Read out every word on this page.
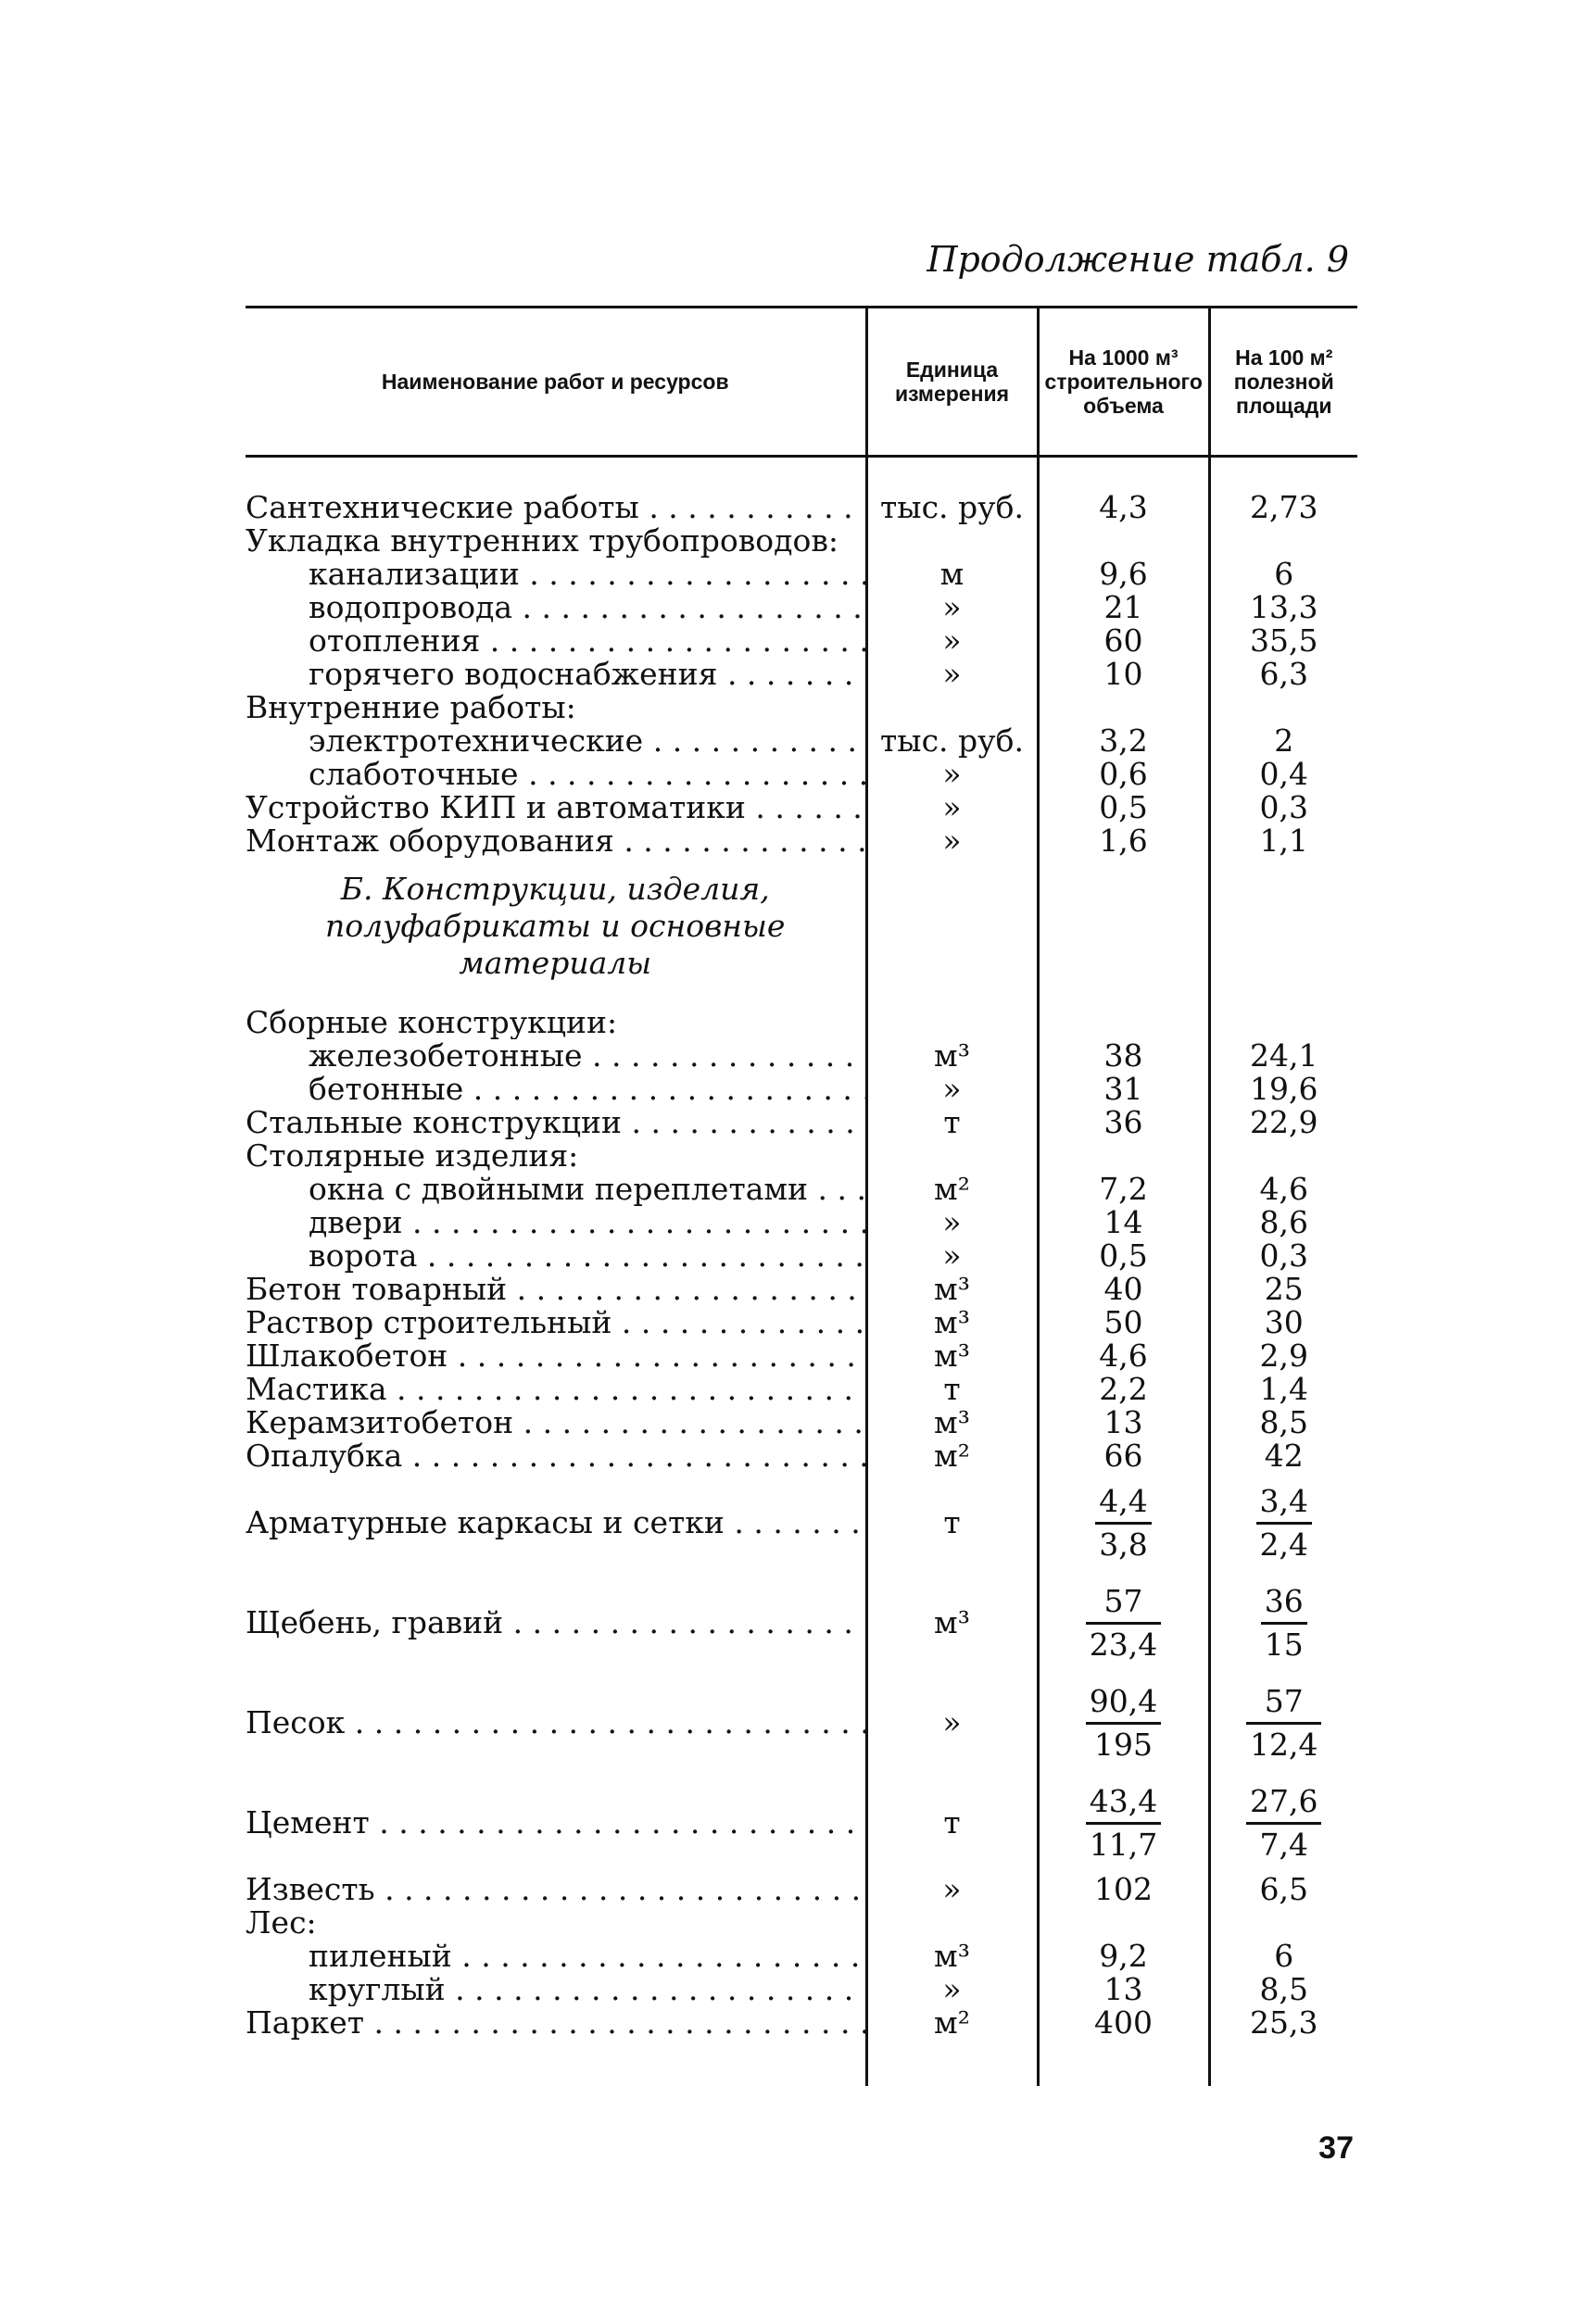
Продолжение табл. 9
Наименование работ и ресурсов	Единица измерения	На 1000 м³ строительного объема	На 100 м² полезной площади

Сантехнические работы . . .	тыс. руб.	4,3	2,73
Укладка внутренних трубопроводов:			
канализации . . .	м	9,6	6
водопровода . . .	»	21	13,3
отопления . . .	»	60	35,5
горячего водоснабжения . . .	»	10	6,3
Внутренние работы:			
электротехнические . . .	тыс. руб.	3,2	2
слаботочные . . .	»	0,6	0,4
Устройство КИП и автоматики . . .	»	0,5	0,3
Монтаж оборудования . . .	»	1,6	1,1
Б. Конструкции, изделия, полуфабрикаты и основные материалы			
Сборные конструкции:			
железобетонные . . .	м³	38	24,1
бетонные . . .	»	31	19,6
Стальные конструкции . . .	т	36	22,9
Столярные изделия:			
окна с двойными переплетами . . .	м²	7,2	4,6
двери . . .	»	14	8,6
ворота . . .	»	0,5	0,3
Бетон товарный . . .	м³	40	25
Раствор строительный . . .	м³	50	30
Шлакобетон . . .	м³	4,6	2,9
Мастика . . .	т	2,2	1,4
Керамзитобетон . . .	м³	13	8,5
Опалубка . . .	м²	66	42
Арматурные каркасы и сетки . . .	т	$\frac{4,4}{3,8}$	$\frac{3,4}{2,4}$

Щебень, гравий . . .	м³	$\frac{57}{23,4}$	$\frac{36}{15}$

Песок . . .	»	$\frac{90,4}{195}$	$\frac{57}{12,4}$

Цемент . . .	т	$\frac{43,4}{11,7}$	$\frac{27,6}{7,4}$

Известь . . .	»	102	6,5
Лес:			
пиленый . . .	м³	9,2	6
круглый . . .	»	13	8,5
Паркет . . .	м²	400	25,3

37
